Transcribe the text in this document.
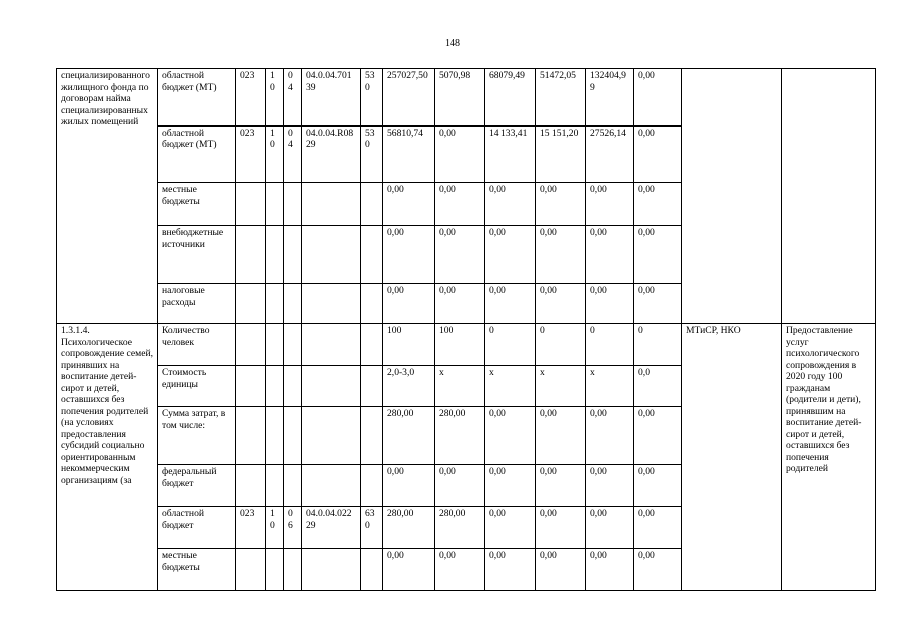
148
специализированного жилищного фонда по договорам найма специализированных жилых помещений	областной бюджет (МТ)	023	10	04	04.0.04.70139	530	257027,50	5070,98	68079,49	51472,05	132404,99	0,00		
	областной бюджет (МТ)	023	10	04	04.0.04.R0829	530	56810,74	0,00	14 133,41	15 151,20	27526,14	0,00		
	местные бюджеты						0,00	0,00	0,00	0,00	0,00	0,00		
	внебюджетные источники						0,00	0,00	0,00	0,00	0,00	0,00		
	налоговые расходы						0,00	0,00	0,00	0,00	0,00	0,00		
1.3.1.4. Психологическое сопровождение семей, принявших на воспитание детей-сирот и детей, оставшихся без попечения родителей (на условиях предоставления субсидий социально ориентированным некоммерческим организациям (за	Количество человек						100	100	0	0	0	0	МТиСР, НКО	Предоставление услуг психологического сопровождения в 2020 году 100 гражданам (родители и дети), принявшим на воспитание детей-сирот и детей, оставшихся без попечения родителей
	Стоимость единицы						2,0-3,0	x	x	x	x	0,0		
	Сумма затрат, в том числе:						280,00	280,00	0,00	0,00	0,00	0,00		
	федеральный бюджет						0,00	0,00	0,00	0,00	0,00	0,00		
	областной бюджет	023	10	06	04.0.04.02229	630	280,00	280,00	0,00	0,00	0,00	0,00		
	местные бюджеты						0,00	0,00	0,00	0,00	0,00	0,00		
